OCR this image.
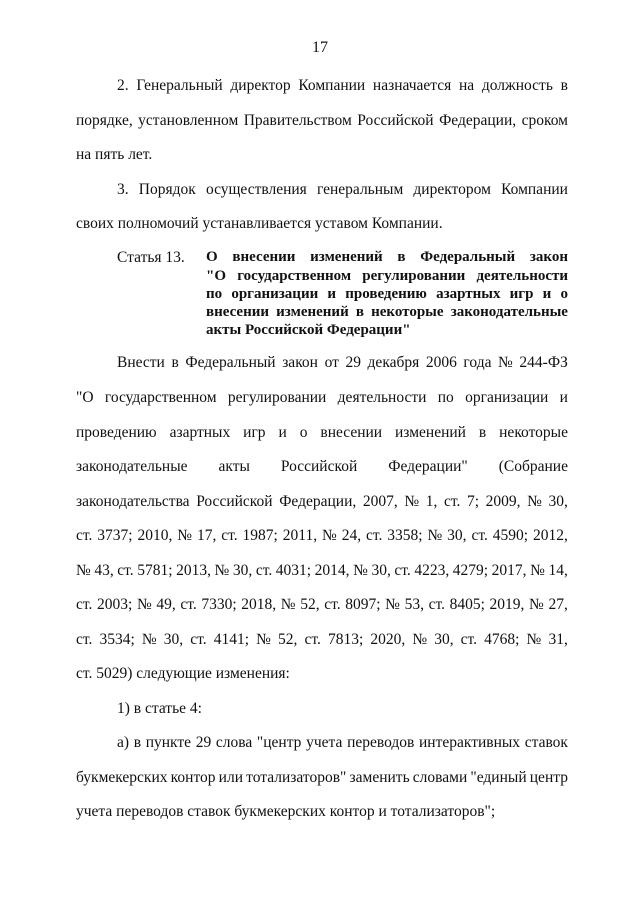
17
2. Генеральный директор Компании назначается на должность в
порядке, установленном Правительством Российской Федерации, сроком
на пять лет.
3. Порядок осуществления генеральным директором Компании
своих полномочий устанавливается уставом Компании.
Статья 13. О внесении изменений в Федеральный закон
"О государственном регулировании деятельности
по организации и проведению азартных игр и о
внесении изменений в некоторые законодательные
акты Российской Федерации"
Внести в Федеральный закон от 29 декабря 2006 года № 244-ФЗ
"О государственном регулировании деятельности по организации и
проведению азартных игр и о внесении изменений в некоторые
законодательные акты Российской Федерации" (Собрание
законодательства Российской Федерации, 2007, № 1, ст. 7; 2009, № 30,
ст. 3737; 2010, № 17, ст. 1987; 2011, № 24, ст. 3358; № 30, ст. 4590; 2012,
№ 43, ст. 5781; 2013, № 30, ст. 4031; 2014, № 30, ст. 4223, 4279; 2017, № 14,
ст. 2003; № 49, ст. 7330; 2018, № 52, ст. 8097; № 53, ст. 8405; 2019, № 27,
ст. 3534; № 30, ст. 4141; № 52, ст. 7813; 2020, № 30, ст. 4768; № 31,
ст. 5029) следующие изменения:
1) в статье 4:
а) в пункте 29 слова "центр учета переводов интерактивных ставок
букмекерских контор или тотализаторов" заменить словами "единый центр
учета переводов ставок букмекерских контор и тотализаторов";
